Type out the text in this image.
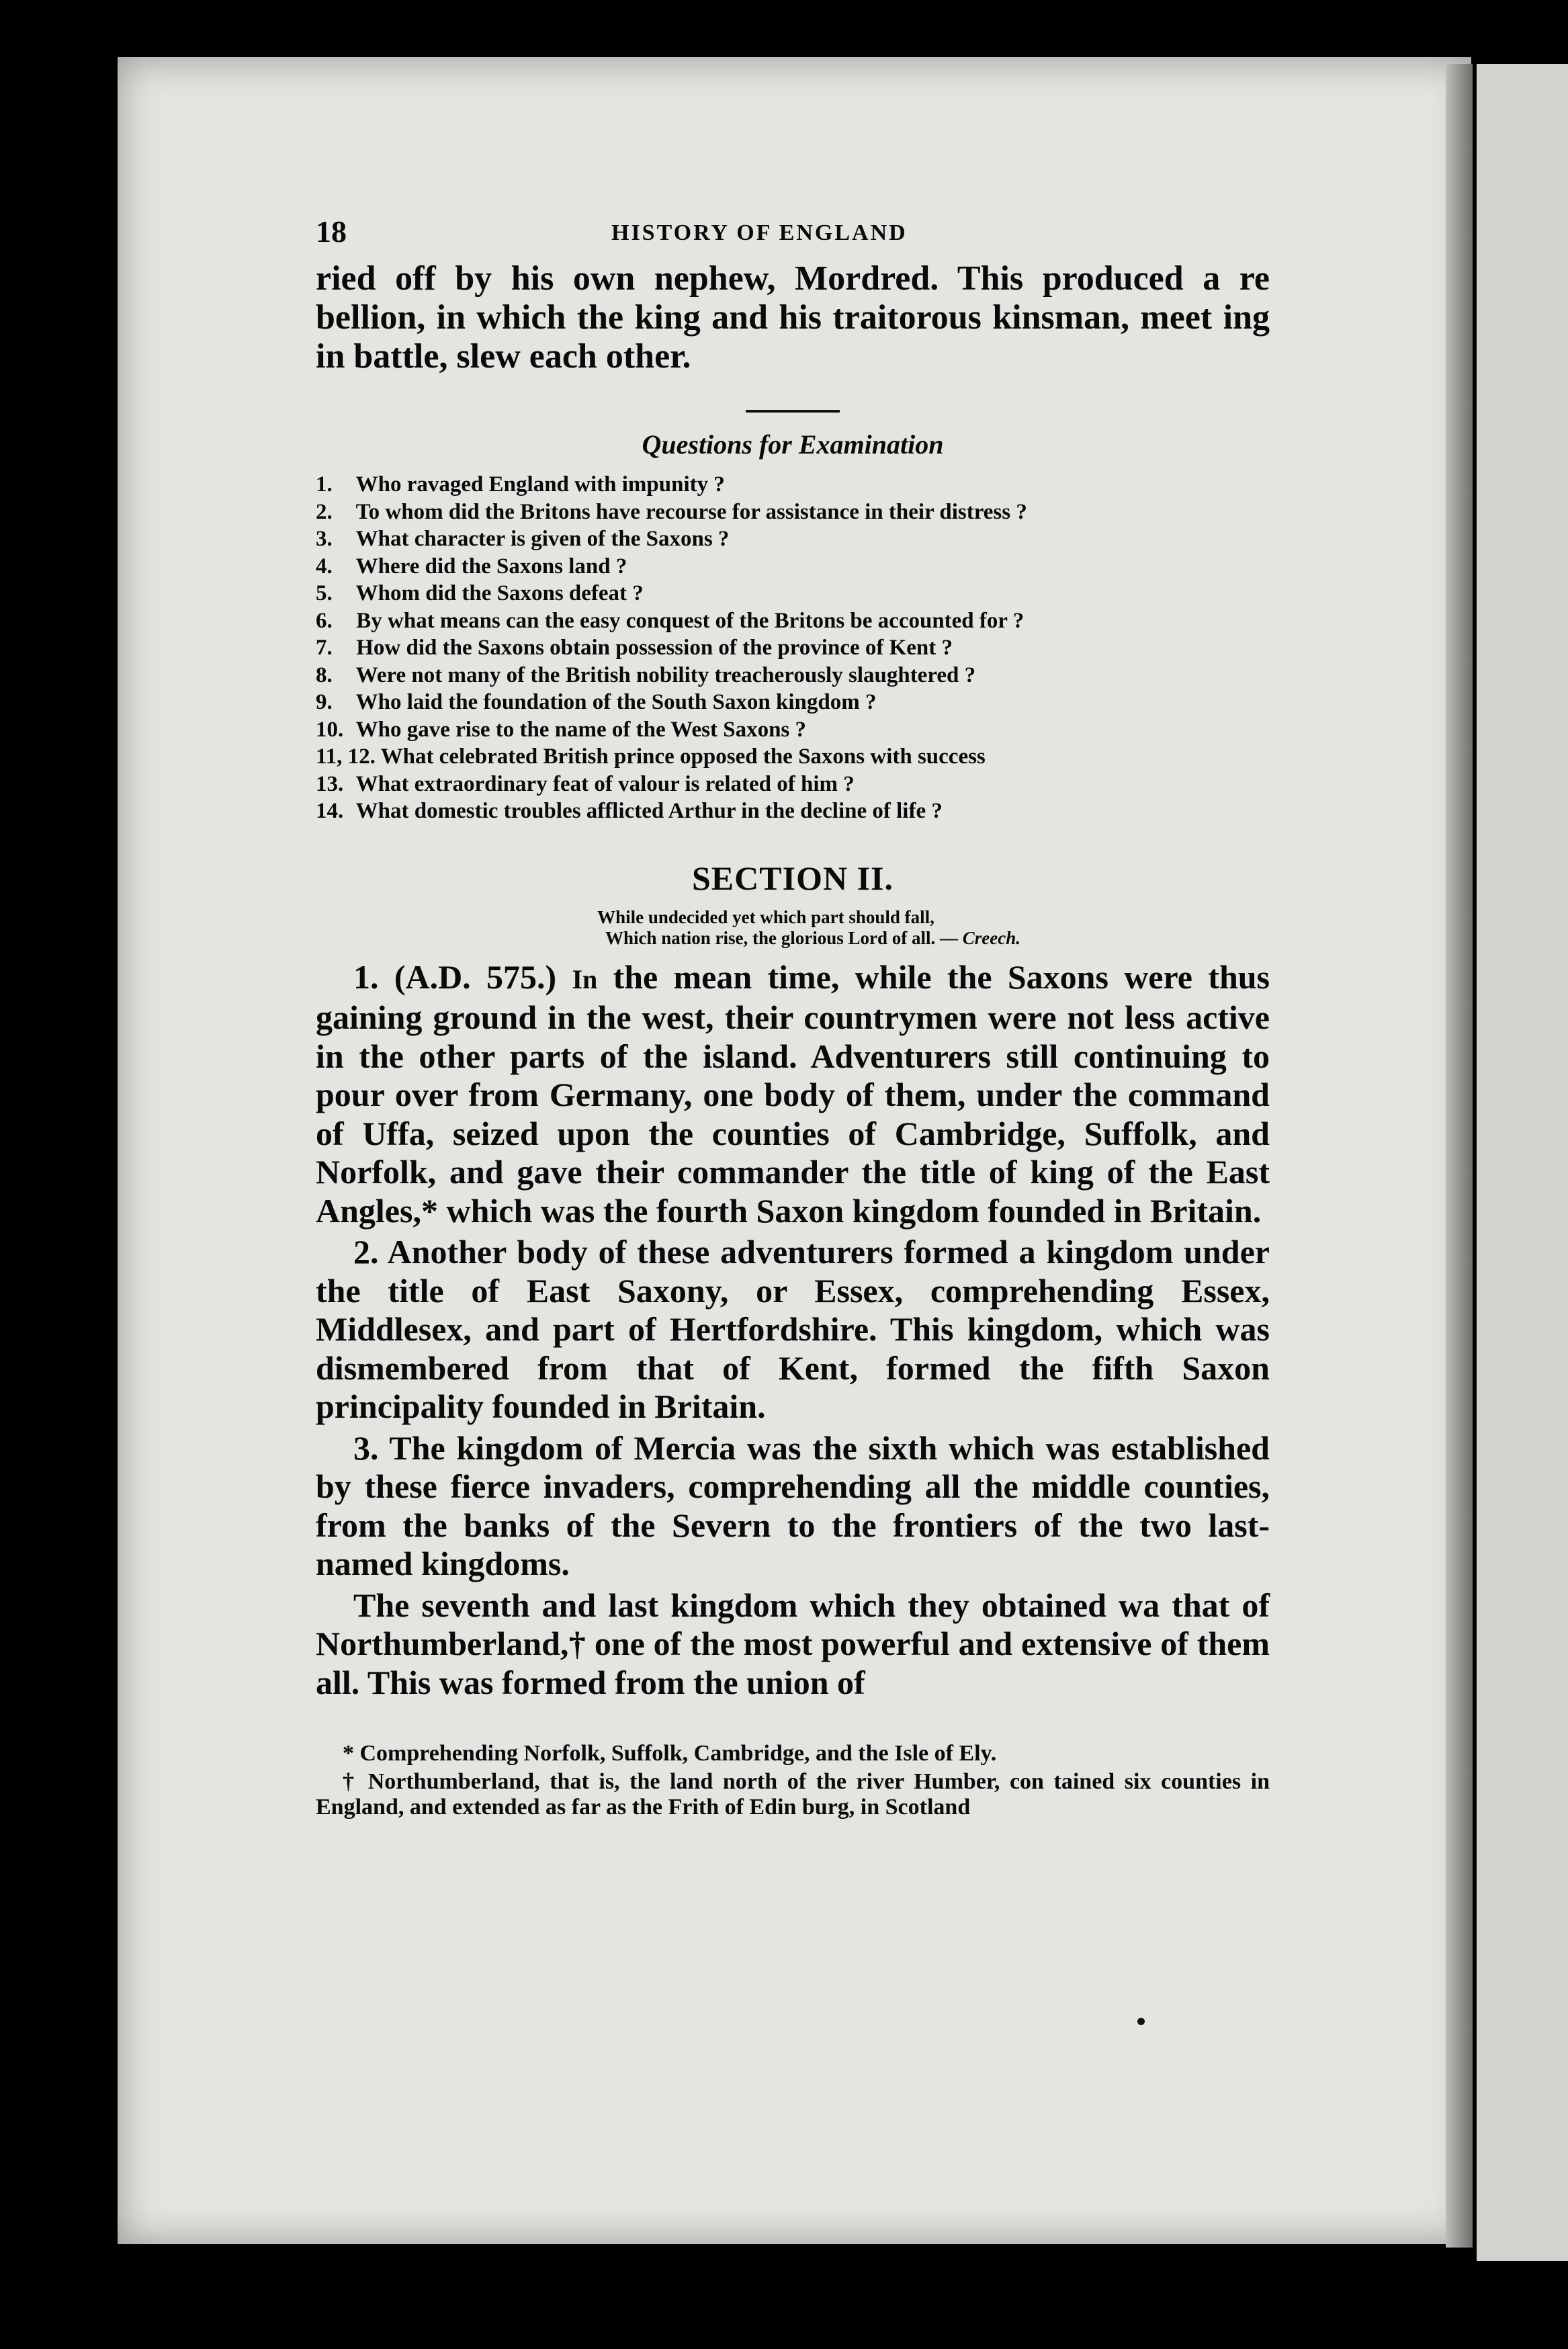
18	HISTORY OF ENGLAND

ried off by his own nephew, Mordred. This produced a re bellion, in which the king and his traitorous kinsman, meet ing in battle, slew each other.

Questions for Examination
1. Who ravaged England with impunity ?
2. To whom did the Britons have recourse for assistance in their distress ?
3. What character is given of the Saxons ?
4. Where did the Saxons land ?
5. Whom did the Saxons defeat ?
6. By what means can the easy conquest of the Britons be accounted for ?
7. How did the Saxons obtain possession of the province of Kent ?
8. Were not many of the British nobility treacherously slaughtered ?
9. Who laid the foundation of the South Saxon kingdom ?
10. Who gave rise to the name of the West Saxons ?
11, 12. What celebrated British prince opposed the Saxons with success
13. What extraordinary feat of valour is related of him ?
14. What domestic troubles afflicted Arthur in the decline of life ?
SECTION II.
While undecided yet which part should fall,
Which nation rise, the glorious Lord of all. — Creech.

1. (A.D. 575.) In the mean time, while the Saxons were thus gaining ground in the west, their countrymen were not less active in the other parts of the island. Adventurers still continuing to pour over from Germany, one body of them, under the command of Uffa, seized upon the counties of Cambridge, Suffolk, and Norfolk, and gave their commander the title of king of the East Angles,* which was the fourth Saxon kingdom founded in Britain.

2. Another body of these adventurers formed a kingdom under the title of East Saxony, or Essex, comprehending Essex, Middlesex, and part of Hertfordshire. This kingdom, which was dismembered from that of Kent, formed the fifth Saxon principality founded in Britain.

3. The kingdom of Mercia was the sixth which was established by these fierce invaders, comprehending all the middle counties, from the banks of the Severn to the frontiers of the two last-named kingdoms.

The seventh and last kingdom which they obtained wa that of Northumberland,† one of the most powerful and extensive of them all. This was formed from the union of

* Comprehending Norfolk, Suffolk, Cambridge, and the Isle of Ely.

† Northumberland, that is, the land north of the river Humber, con tained six counties in England, and extended as far as the Frith of Edin burg, in Scotland
